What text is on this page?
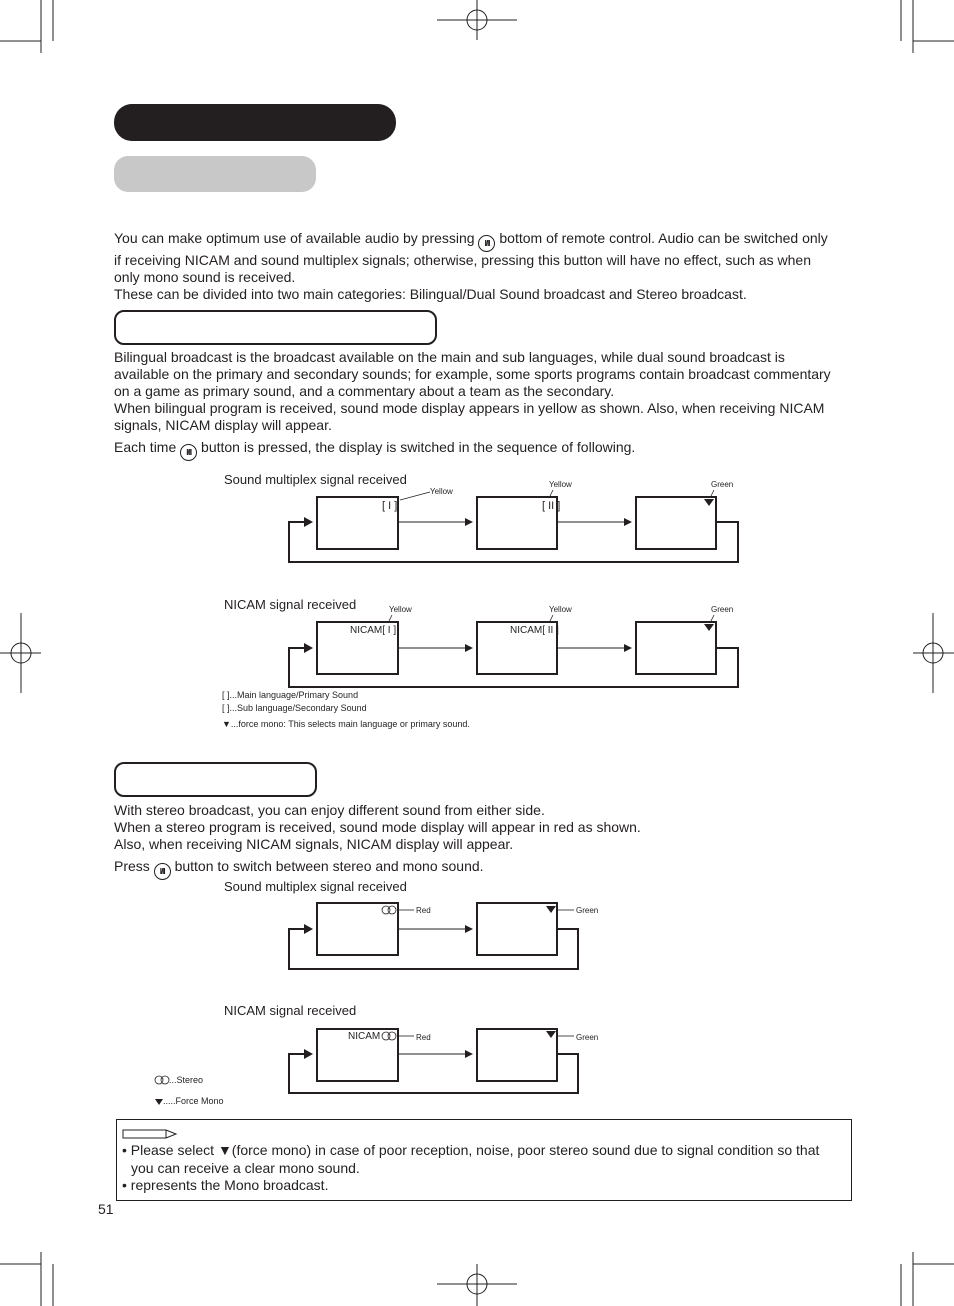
You can make optimum use of available audio by pressing I/II bottom of remote control. Audio can be switched only

if receiving NICAM and sound multiplex signals; otherwise, pressing this button will have no effect, such as when

only mono sound is received.

These can be divided into two main categories: Bilingual/Dual Sound broadcast and Stereo broadcast.

Bilingual broadcast is the broadcast available on the main and sub languages, while dual sound broadcast is

available on the primary and secondary sounds; for example, some sports programs contain broadcast commentary

on a game as primary sound, and a commentary about a team as the secondary.

When bilingual program is received, sound mode display appears in yellow as shown. Also, when receiving NICAM

signals, NICAM display will appear.

Each time I/II button is pressed, the display is switched in the sequence of following.

Sound multiplex signal received
[ I ]	[ II ]
Yellow
Yellow	Green
NICAM signal received
NICAM[ I ]	NICAM[ II ]
Yellow	Yellow	Green
[ ]...Main language/Primary Sound
[ ]...Sub language/Secondary Sound
▼...force mono: This selects main language or primary sound.

With stereo broadcast, you can enjoy different sound from either side.

When a stereo program is received, sound mode display will appear in red as shown.

Also, when receiving NICAM signals, NICAM display will appear.

Press I/II button to switch between stereo and mono sound.

Sound multiplex signal received
Red	Green
NICAM signal received
NICAM	Red	Green
...Stereo
.....Force Mono
• Please select ▼(force mono) in case of poor reception, noise, poor stereo sound due to signal condition so that
you can receive a clear mono sound.
• represents the Mono broadcast.
51
